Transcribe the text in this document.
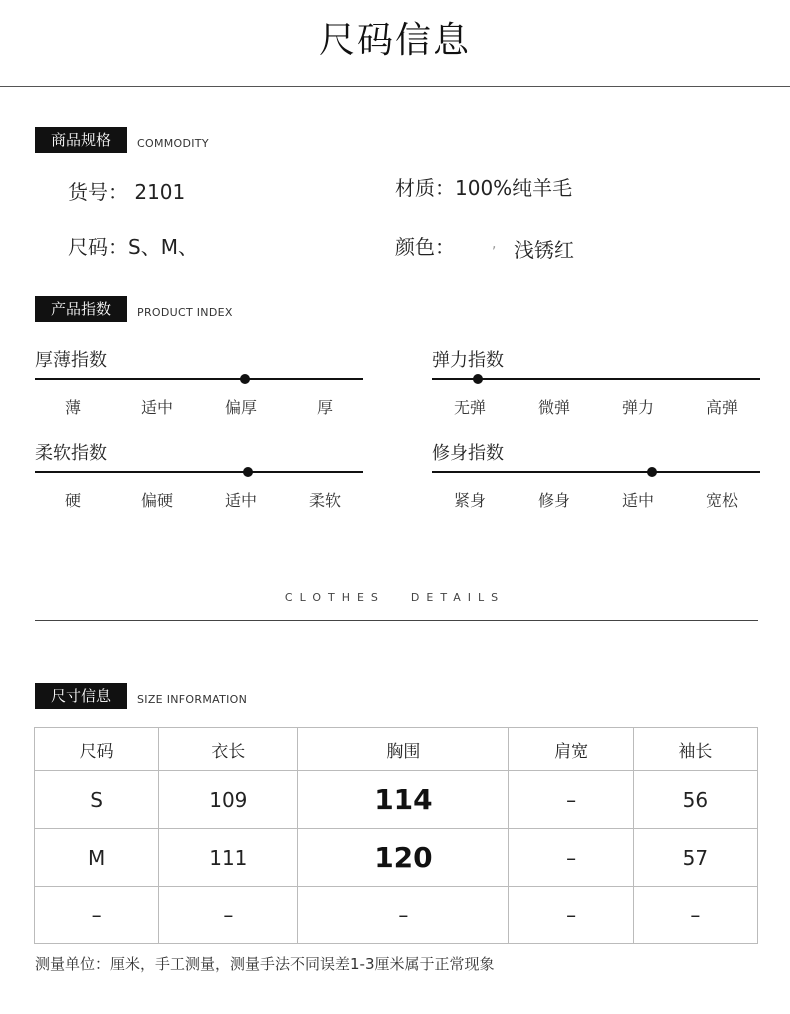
尺码信息
商品规格	COMMODITY
货号： 2101	材质：100%纯羊毛
尺码：S、M、	颜色：	, 浅锈红
产品指数	PRODUCT INDEX
厚薄指数
薄	适中	偏厚	厚
弹力指数
无弹	微弹	弹力	高弹
柔软指数
硬	偏硬	适中	柔软
修身指数
紧身	修身	适中	宽松
CLOTHES DETAILS
尺寸信息	SIZE INFORMATION
尺码	衣长	胸围	肩宽	袖长
S	109	114	–	56
M	111	120	–	57
–	–	–	–	–
测量单位：厘米，手工测量，测量手法不同误差1-3厘米属于正常现象
